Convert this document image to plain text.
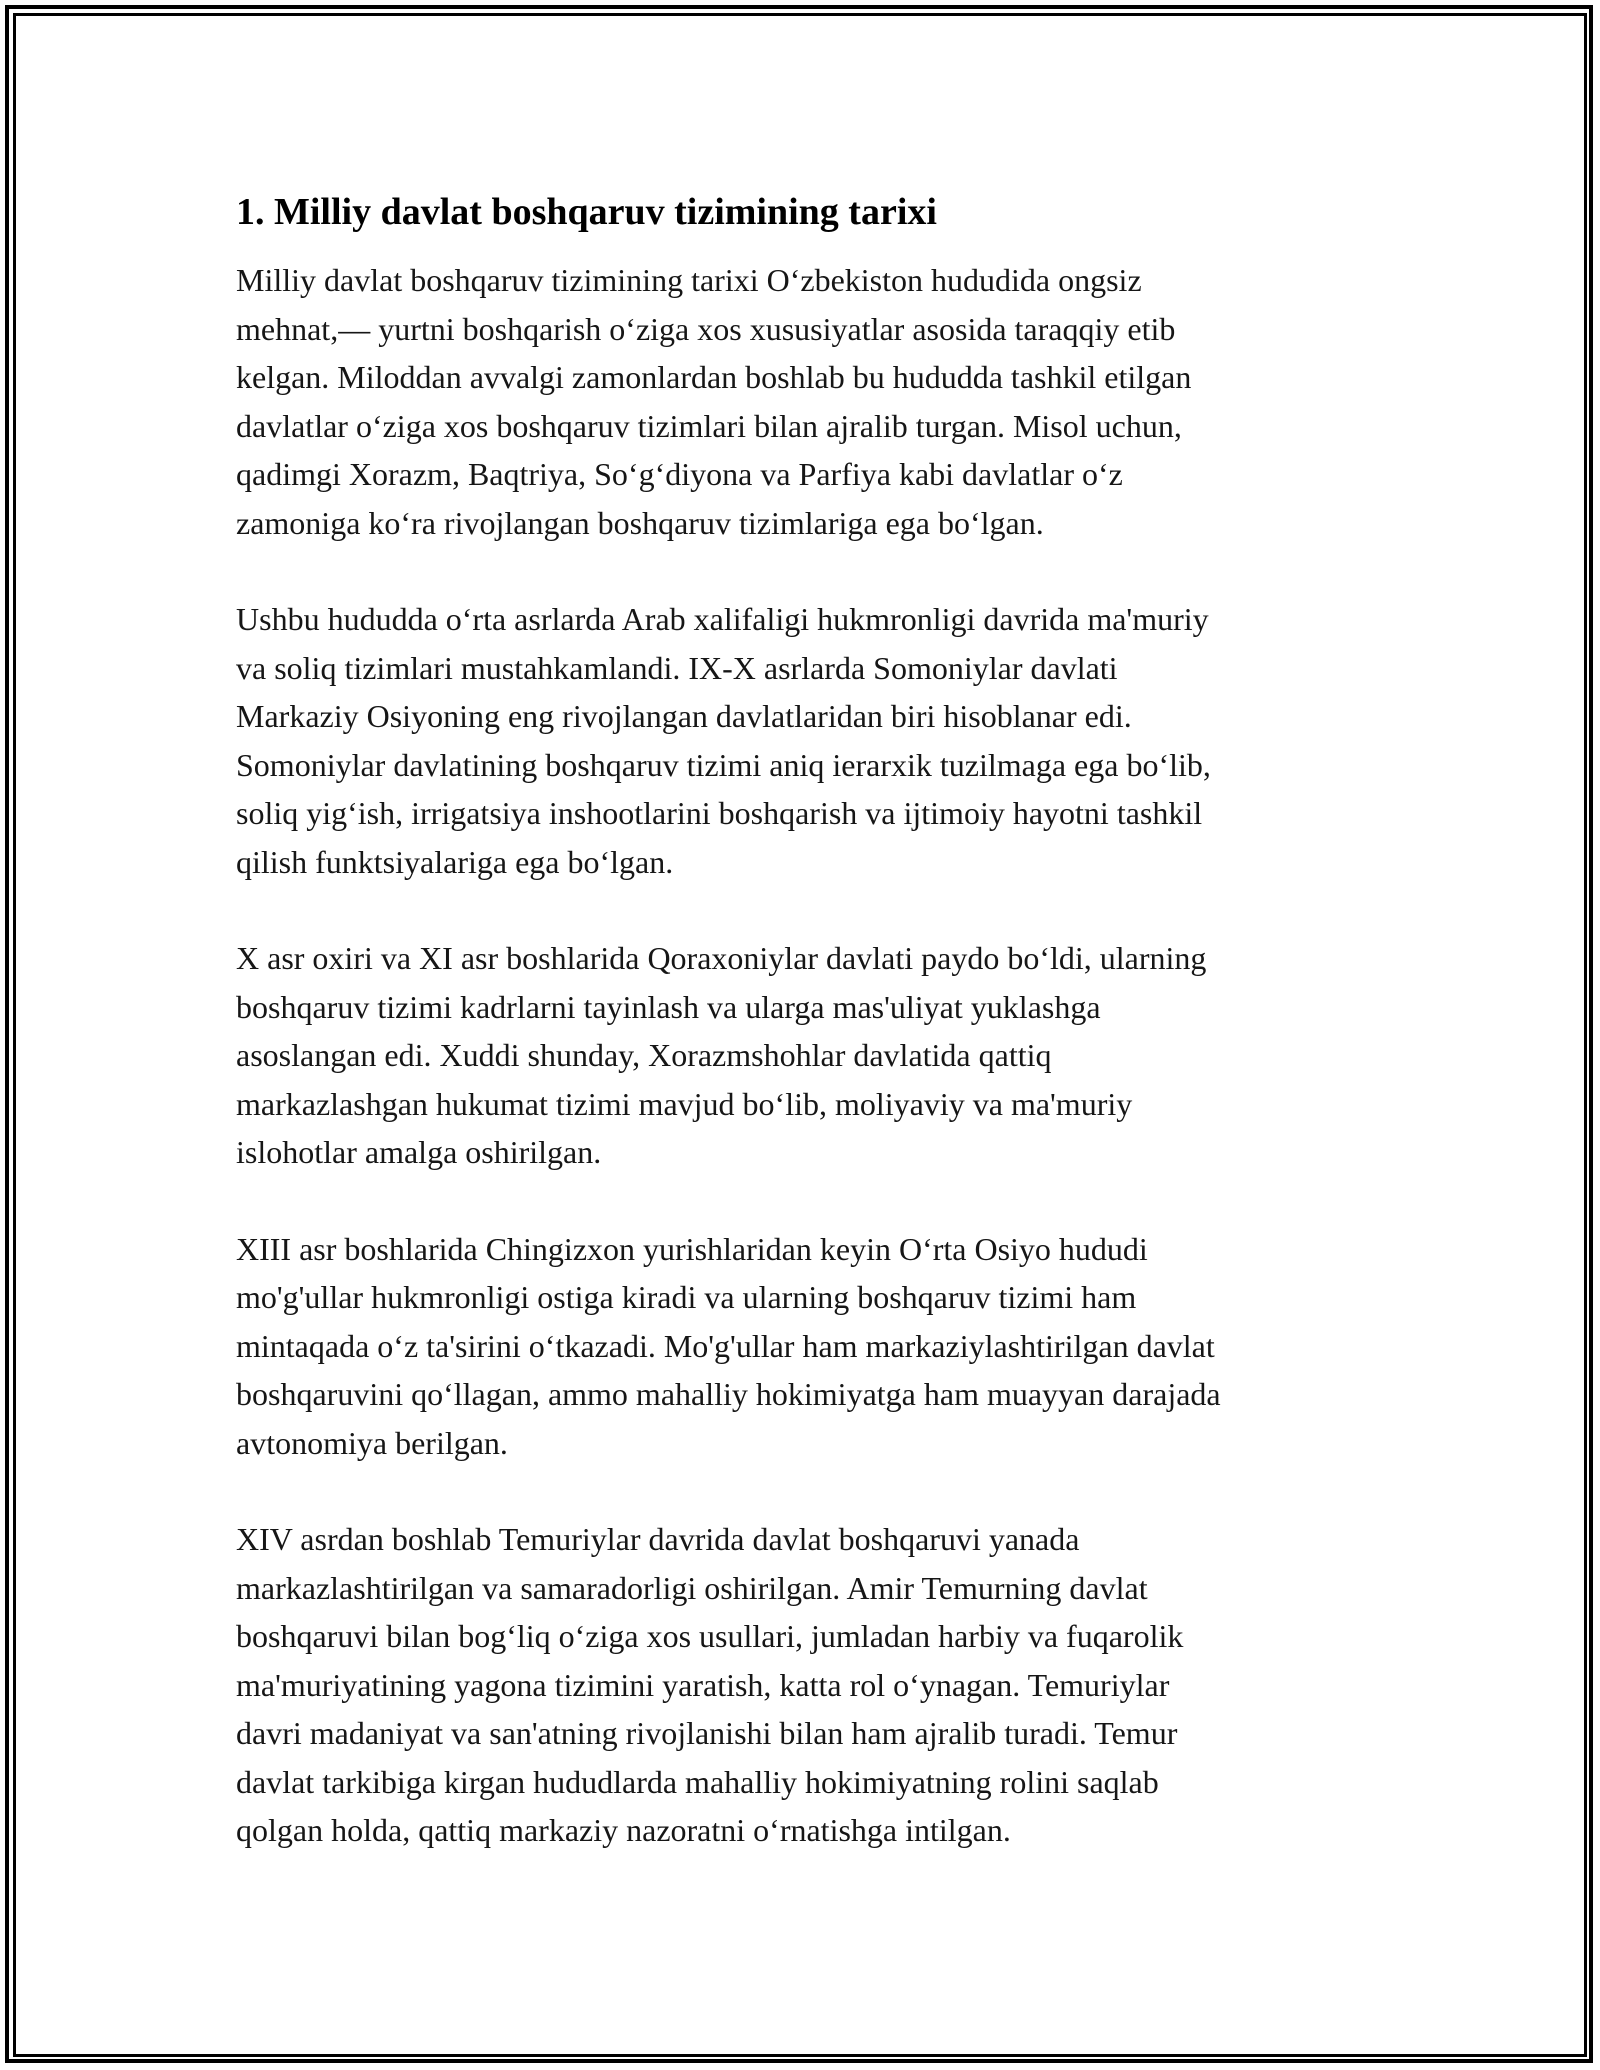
1. Milliy davlat boshqaruv tizimining tarixi

Milliy davlat boshqaruv tizimining tarixi O‘zbekiston hududida ongsiz
mehnat,— yurtni boshqarish o‘ziga xos xususiyatlar asosida taraqqiy etib
kelgan. Miloddan avvalgi zamonlardan boshlab bu hududda tashkil etilgan
davlatlar o‘ziga xos boshqaruv tizimlari bilan ajralib turgan. Misol uchun,
qadimgi Xorazm, Baqtriya, So‘g‘diyona va Parfiya kabi davlatlar o‘z
zamoniga ko‘ra rivojlangan boshqaruv tizimlariga ega bo‘lgan.

Ushbu hududda o‘rta asrlarda Arab xalifaligi hukmronligi davrida ma'muriy
va soliq tizimlari mustahkamlandi. IX-X asrlarda Somoniylar davlati
Markaziy Osiyoning eng rivojlangan davlatlaridan biri hisoblanar edi.
Somoniylar davlatining boshqaruv tizimi aniq ierarxik tuzilmaga ega bo‘lib,
soliq yig‘ish, irrigatsiya inshootlarini boshqarish va ijtimoiy hayotni tashkil
qilish funktsiyalariga ega bo‘lgan.

X asr oxiri va XI asr boshlarida Qoraxoniylar davlati paydo bo‘ldi, ularning
boshqaruv tizimi kadrlarni tayinlash va ularga mas'uliyat yuklashga
asoslangan edi. Xuddi shunday, Xorazmshohlar davlatida qattiq
markazlashgan hukumat tizimi mavjud bo‘lib, moliyaviy va ma'muriy
islohotlar amalga oshirilgan.

XIII asr boshlarida Chingizxon yurishlaridan keyin O‘rta Osiyo hududi
mo'g'ullar hukmronligi ostiga kiradi va ularning boshqaruv tizimi ham
mintaqada o‘z ta'sirini o‘tkazadi. Mo'g'ullar ham markaziylashtirilgan davlat
boshqaruvini qo‘llagan, ammo mahalliy hokimiyatga ham muayyan darajada
avtonomiya berilgan.

XIV asrdan boshlab Temuriylar davrida davlat boshqaruvi yanada
markazlashtirilgan va samaradorligi oshirilgan. Amir Temurning davlat
boshqaruvi bilan bog‘liq o‘ziga xos usullari, jumladan harbiy va fuqarolik
ma'muriyatining yagona tizimini yaratish, katta rol o‘ynagan. Temuriylar
davri madaniyat va san'atning rivojlanishi bilan ham ajralib turadi. Temur
davlat tarkibiga kirgan hududlarda mahalliy hokimiyatning rolini saqlab
qolgan holda, qattiq markaziy nazoratni o‘rnatishga intilgan.
